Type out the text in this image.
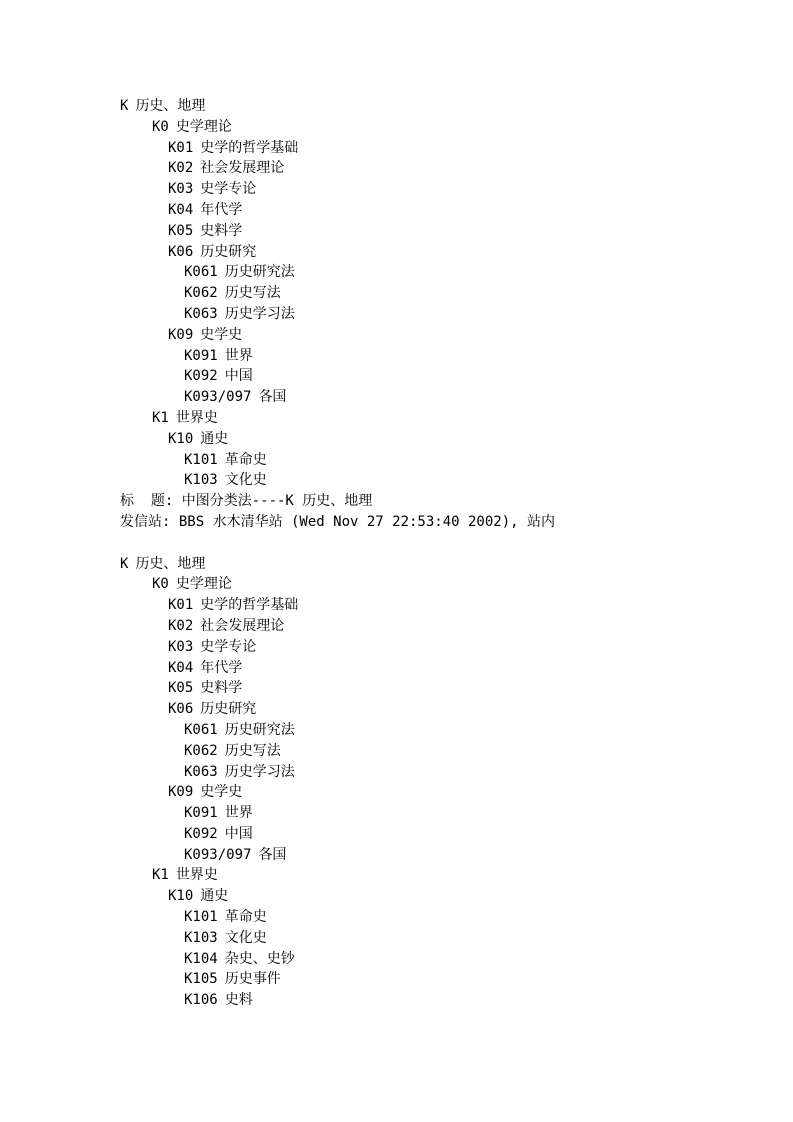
K 历史、地理
K0 史学理论
K01 史学的哲学基础
K02 社会发展理论
K03 史学专论
K04 年代学
K05 史料学
K06 历史研究
K061 历史研究法
K062 历史写法
K063 历史学习法
K09 史学史
K091 世界
K092 中国
K093/097 各国
K1 世界史
K10 通史
K101 革命史
K103 文化史
标  题: 中图分类法----K 历史、地理
发信站: BBS 水木清华站 (Wed Nov 27 22:53:40 2002), 站内
K 历史、地理
K0 史学理论
K01 史学的哲学基础
K02 社会发展理论
K03 史学专论
K04 年代学
K05 史料学
K06 历史研究
K061 历史研究法
K062 历史写法
K063 历史学习法
K09 史学史
K091 世界
K092 中国
K093/097 各国
K1 世界史
K10 通史
K101 革命史
K103 文化史
K104 杂史、史钞
K105 历史事件
K106 史料
